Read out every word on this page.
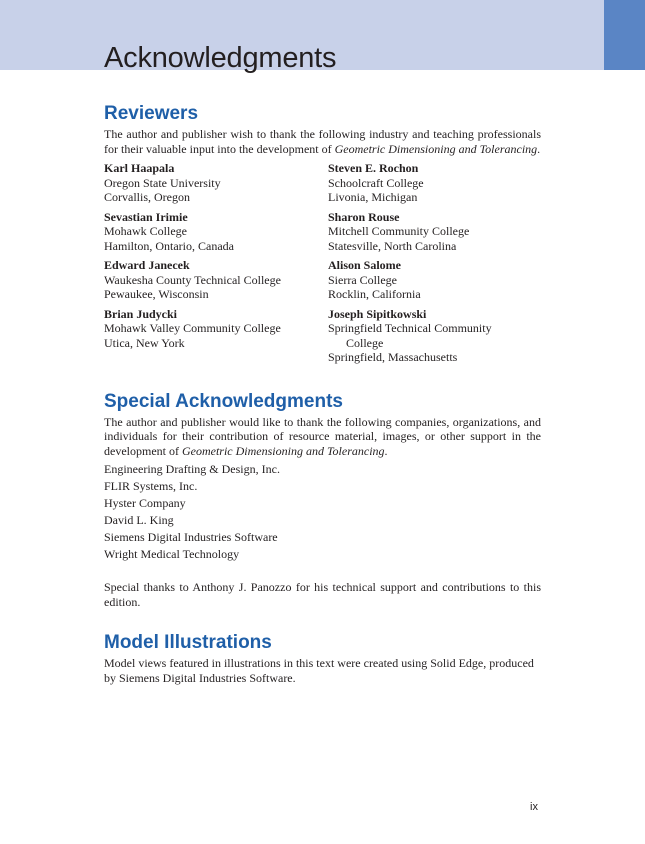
Acknowledgments
Reviewers

The author and publisher wish to thank the following industry and teaching professionals for their valuable input into the development of Geometric Dimensioning and Tolerancing.

Karl Haapala
Oregon State University
Corvallis, Oregon
Sevastian Irimie
Mohawk College
Hamilton, Ontario, Canada
Edward Janecek
Waukesha County Technical College
Pewaukee, Wisconsin
Brian Judycki
Mohawk Valley Community College
Utica, New York
Steven E. Rochon
Schoolcraft College
Livonia, Michigan
Sharon Rouse
Mitchell Community College
Statesville, North Carolina
Alison Salome
Sierra College
Rocklin, California
Joseph Sipitkowski
Springfield Technical Community
College
Springfield, Massachusetts
Special Acknowledgments

The author and publisher would like to thank the following companies, organizations, and individuals for their contribution of resource material, images, or other support in the development of Geometric Dimensioning and Tolerancing.

Engineering Drafting & Design, Inc.
FLIR Systems, Inc.
Hyster Company
David L. King
Siemens Digital Industries Software
Wright Medical Technology

Special thanks to Anthony J. Panozzo for his technical support and contributions to this edition.

Model Illustrations

Model views featured in illustrations in this text were created using Solid Edge, produced by Siemens Digital Industries Software.

ix
